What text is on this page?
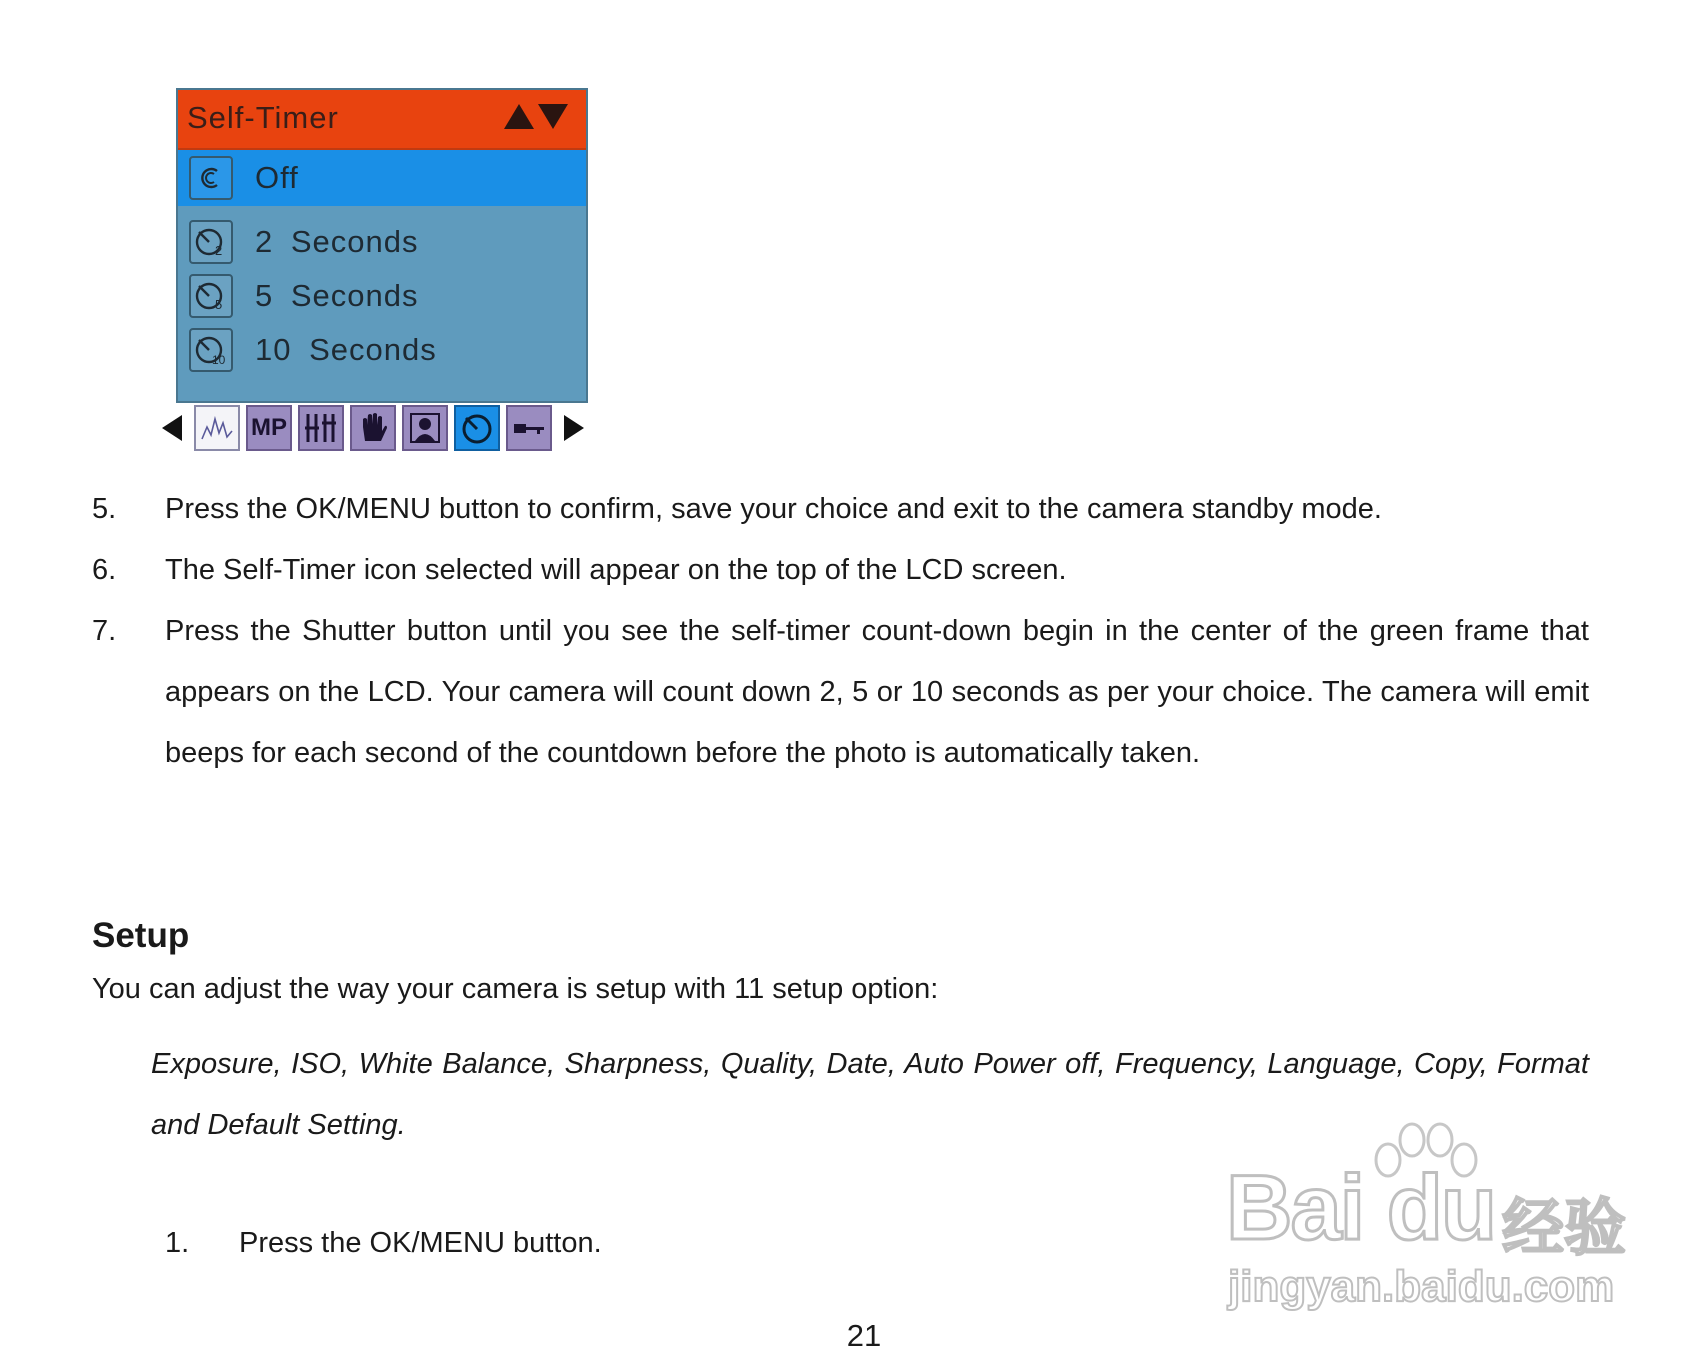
Self-Timer
Off
2 2 Seconds
5 5 Seconds
10 10 Seconds
MP
5. Press the OK/MENU button to confirm, save your choice and exit to the camera standby mode.
6. The Self-Timer icon selected will appear on the top of the LCD screen.
7. Press the Shutter button until you see the self-timer count-down begin in the center of the green frame that appears on the LCD. Your camera will count down 2, 5 or 10 seconds as per your choice. The camera will emit beeps for each second of the countdown before the photo is automatically taken.
Setup
You can adjust the way your camera is setup with 11 setup option:
Exposure, ISO, White Balance, Sharpness, Quality, Date, Auto Power off, Frequency, Language, Copy, Format and Default Setting.
1. Press the OK/MENU button.
21
Bai du 经验
jingyan.baidu.com
